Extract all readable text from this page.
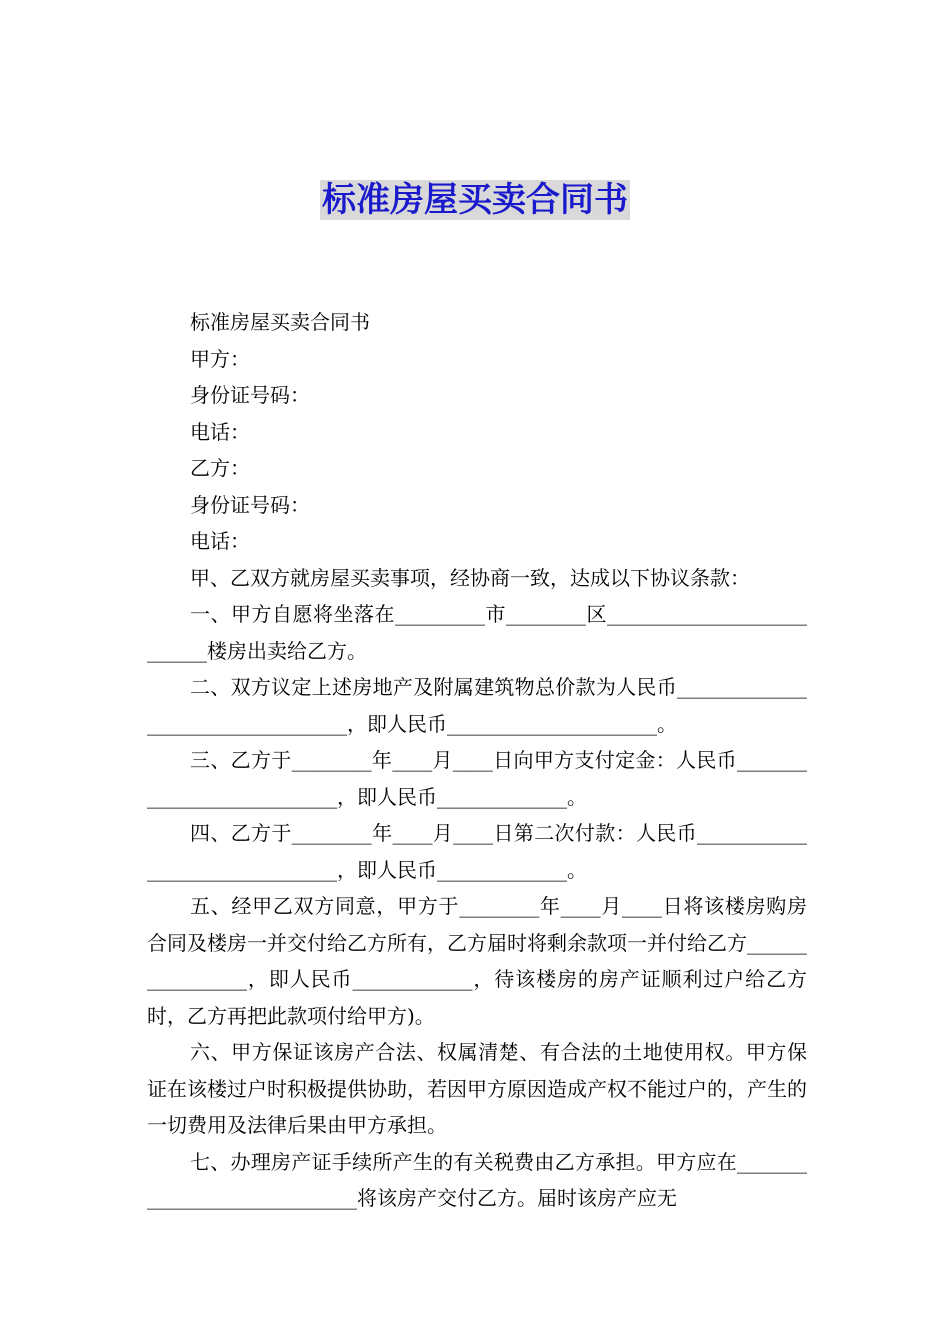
标准房屋买卖合同书

标准房屋买卖合同书

甲方：

身份证号码：

电话：

乙方：

身份证号码：

电话：

甲、乙双方就房屋买卖事项，经协商一致，达成以下协议条款：

一、甲方自愿将坐落在_________市________区__________________________楼房出卖给乙方。

二、双方议定上述房地产及附属建筑物总价款为人民币_________________________________，即人民币_____________________。

三、乙方于________年____月____日向甲方支付定金：人民币__________________________，即人民币_____________。

四、乙方于________年____月____日第二次付款：人民币______________________________，即人民币_____________。

五、经甲乙双方同意，甲方于________年____月____日将该楼房购房合同及楼房一并交付给乙方所有，乙方届时将剩余款项一并付给乙方________________，即人民币____________，待该楼房的房产证顺利过户给乙方时，乙方再把此款项付给甲方)。

六、甲方保证该房产合法、权属清楚、有合法的土地使用权。甲方保证在该楼过户时积极提供协助，若因甲方原因造成产权不能过户的，产生的一切费用及法律后果由甲方承担。

七、办理房产证手续所产生的有关税费由乙方承担。甲方应在____________________________将该房产交付乙方。届时该房产应无
